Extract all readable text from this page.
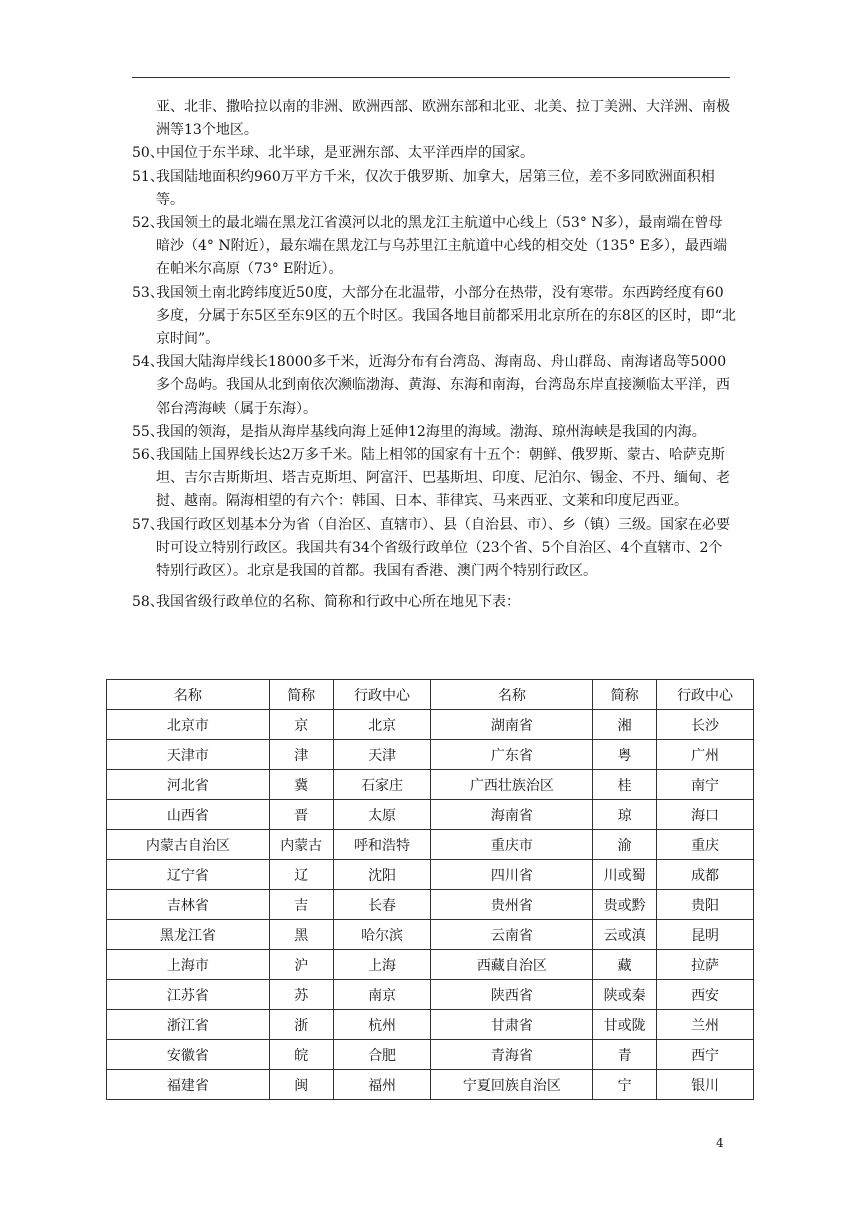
亚、北非、撒哈拉以南的非洲、欧洲西部、欧洲东部和北亚、北美、拉丁美洲、大洋洲、南极洲等13个地区。

50、中国位于东半球、北半球，是亚洲东部、太平洋西岸的国家。

51、我国陆地面积约960万平方千米，仅次于俄罗斯、加拿大，居第三位，差不多同欧洲面积相等。

52、我国领土的最北端在黑龙江省漠河以北的黑龙江主航道中心线上（53° N多），最南端在曾母暗沙（4° N附近），最东端在黑龙江与乌苏里江主航道中心线的相交处（135° E多），最西端在帕米尔高原（73° E附近）。

53、我国领土南北跨纬度近50度，大部分在北温带，小部分在热带，没有寒带。东西跨经度有60多度，分属于东5区至东9区的五个时区。我国各地目前都采用北京所在的东8区的区时，即“北京时间”。

54、我国大陆海岸线长18000多千米，近海分布有台湾岛、海南岛、舟山群岛、南海诸岛等5000多个岛屿。我国从北到南依次濒临渤海、黄海、东海和南海，台湾岛东岸直接濒临太平洋，西邻台湾海峡（属于东海）。

55、我国的领海，是指从海岸基线向海上延伸12海里的海域。渤海、琼州海峡是我国的内海。

56、我国陆上国界线长达2万多千米。陆上相邻的国家有十五个：朝鲜、俄罗斯、蒙古、哈萨克斯坦、吉尔吉斯斯坦、塔吉克斯坦、阿富汗、巴基斯坦、印度、尼泊尔、锡金、不丹、缅甸、老挝、越南。隔海相望的有六个：韩国、日本、菲律宾、马来西亚、文莱和印度尼西亚。

57、我国行政区划基本分为省（自治区、直辖市）、县（自治县、市）、乡（镇）三级。国家在必要时可设立特别行政区。我国共有34个省级行政单位（23个省、5个自治区、4个直辖市、2个特别行政区）。北京是我国的首都。我国有香港、澳门两个特别行政区。

58、我国省级行政单位的名称、简称和行政中心所在地见下表：

名称	简称	行政中心	名称	简称	行政中心
北京市	京	北京	湖南省	湘	长沙
天津市	津	天津	广东省	粤	广州
河北省	冀	石家庄	广西壮族治区	桂	南宁
山西省	晋	太原	海南省	琼	海口
内蒙古自治区	内蒙古	呼和浩特	重庆市	渝	重庆
辽宁省	辽	沈阳	四川省	川或蜀	成都
吉林省	吉	长春	贵州省	贵或黔	贵阳
黑龙江省	黑	哈尔滨	云南省	云或滇	昆明
上海市	沪	上海	西藏自治区	藏	拉萨
江苏省	苏	南京	陕西省	陕或秦	西安
浙江省	浙	杭州	甘肃省	甘或陇	兰州
安徽省	皖	合肥	青海省	青	西宁
福建省	闽	福州	宁夏回族自治区	宁	银川
4
